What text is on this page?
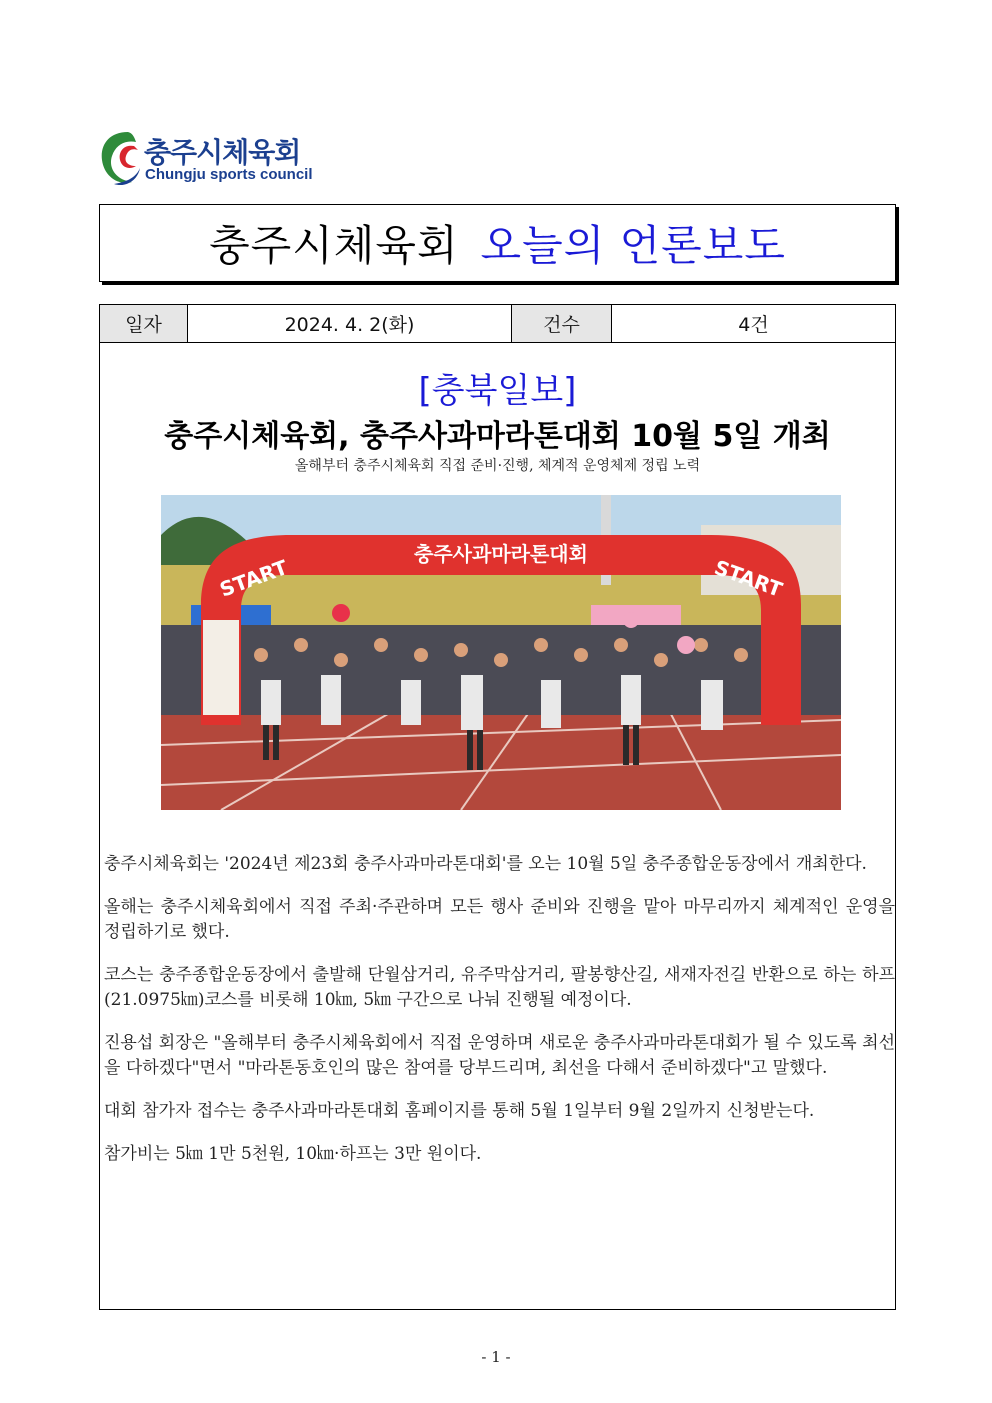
충주시체육회
Chungju sports council
충주시체육회 오늘의 언론보도
일자	2024. 4. 2(화)	건수	4건
[충북일보]
충주시체육회, 충주사과마라톤대회 10월 5일 개최
올해부터 충주시체육회 직접 준비·진행, 체계적 운영체제 정립 노력
충주사과마라톤대회
START	START

충주시체육회는 '2024년 제23회 충주사과마라톤대회'를 오는 10월 5일 충주종합운동장에서 개최한다.

올해는 충주시체육회에서 직접 주최·주관하며 모든 행사 준비와 진행을 맡아 마무리까지 체계적인 운영을 정립하기로 했다.

코스는 충주종합운동장에서 출발해 단월삼거리, 유주막삼거리, 팔봉향산길, 새재자전길 반환으로 하는 하프(21.0975㎞)코스를 비롯해 10㎞, 5㎞ 구간으로 나눠 진행될 예정이다.

진용섭 회장은 "올해부터 충주시체육회에서 직접 운영하며 새로운 충주사과마라톤대회가 될 수 있도록 최선을 다하겠다"면서 "마라톤동호인의 많은 참여를 당부드리며, 최선을 다해서 준비하겠다"고 말했다.

대회 참가자 접수는 충주사과마라톤대회 홈페이지를 통해 5월 1일부터 9월 2일까지 신청받는다.

참가비는 5㎞ 1만 5천원, 10㎞·하프는 3만 원이다.

- 1 -
